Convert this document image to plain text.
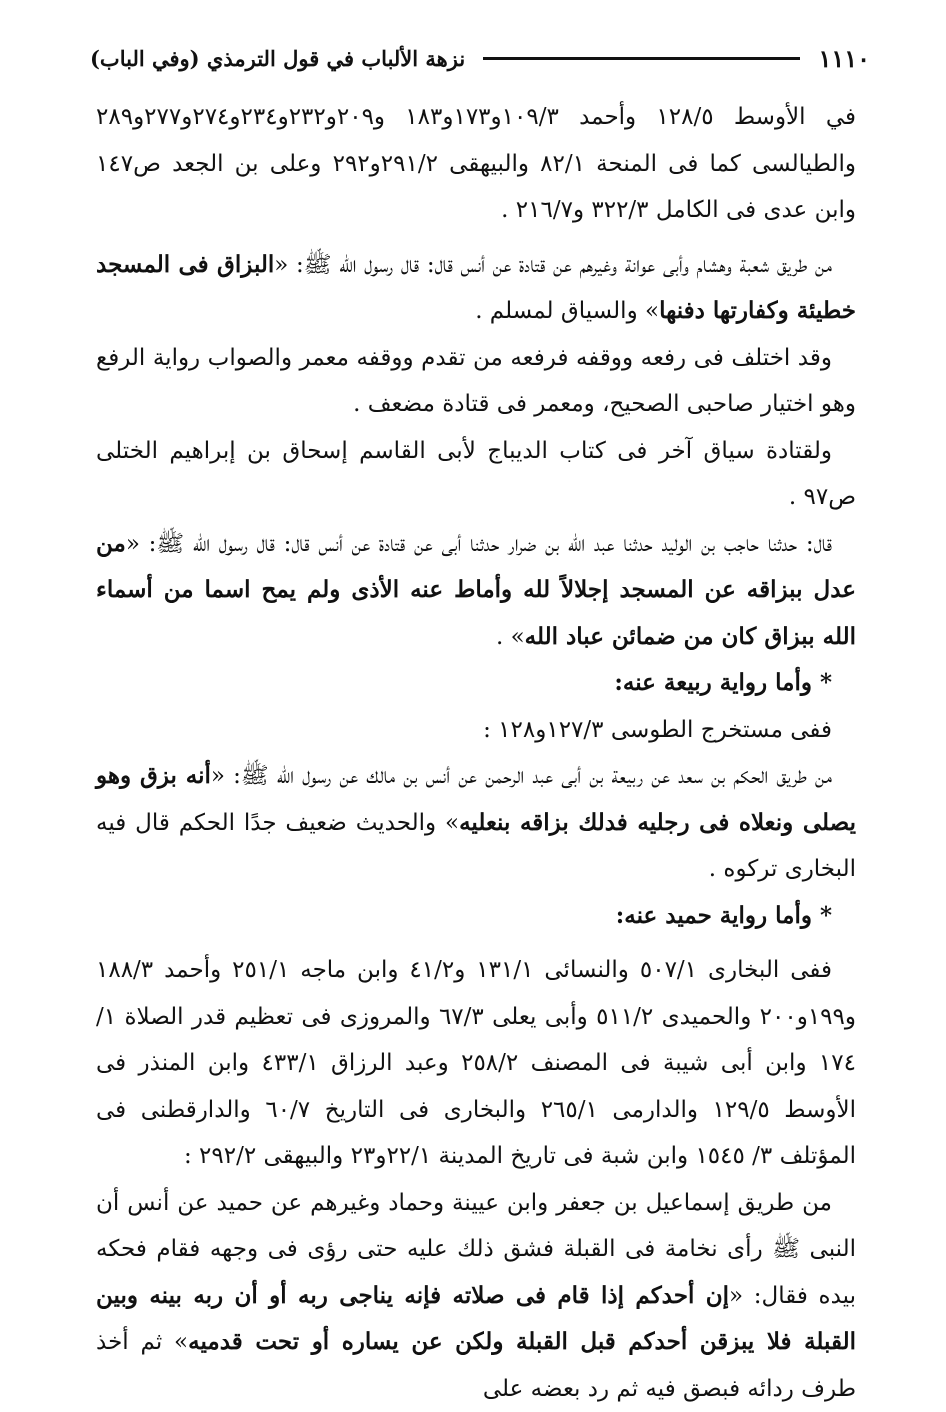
١١١٠
نزهة الألباب في قول الترمذي (وفي الباب)

في الأوسط ١٢٨/٥ وأحمد ١٠٩/٣و١٧٣و١٨٣ و٢٠٩و٢٣٢و٢٣٤و٢٧٤و٢٧٧و٢٨٩ والطيالسى كما فى المنحة ٨٢/١ والبيهقى ٢٩١/٢و٢٩٢ وعلى بن الجعد ص١٤٧ وابن عدى فى الكامل ٣٢٢/٣ و٢١٦/٧ .

من طريق شعبة وهشام وأبى عوانة وغيرهم عن قتادة عن أنس قال: قال رسول الله ﷺ: «البزاق فى المسجد خطيئة وكفارتها دفنها» والسياق لمسلم .

وقد اختلف فى رفعه ووقفه فرفعه من تقدم ووقفه معمر والصواب رواية الرفع وهو اختيار صاحبى الصحيح، ومعمر فى قتادة مضعف .

ولقتادة سياق آخر فى كتاب الديباج لأبى القاسم إسحاق بن إبراهيم الختلى ص٩٧ .

قال: حدثنا حاجب بن الوليد حدثنا عبد الله بن ضرار حدثنا أبى عن قتادة عن أنس قال: قال رسول الله ﷺ: «من عدل ببزاقه عن المسجد إجلالاً لله وأماط عنه الأذى ولم يمح اسما من أسماء الله ببزاق كان من ضمائن عباد الله» .

* وأما رواية ربيعة عنه:

ففى مستخرج الطوسى ١٢٧/٣و١٢٨ :

من طريق الحكم بن سعد عن ربيعة بن أبى عبد الرحمن عن أنس بن مالك عن رسول الله ﷺ: «أنه بزق وهو يصلى ونعلاه فى رجليه فدلك بزاقه بنعليه» والحديث ضعيف جدًا الحكم قال فيه البخارى تركوه .

* وأما رواية حميد عنه:

ففى البخارى ٥٠٧/١ والنسائى ١٣١/١ و٤١/٢ وابن ماجه ٢٥١/١ وأحمد ١٨٨/٣ و١٩٩و٢٠٠ والحميدى ٥١١/٢ وأبى يعلى ٦٧/٣ والمروزى فى تعظيم قدر الصلاة ١/ ١٧٤ وابن أبى شيبة فى المصنف ٢٥٨/٢ وعبد الرزاق ٤٣٣/١ وابن المنذر فى الأوسط ١٢٩/٥ والدارمى ٢٦٥/١ والبخارى فى التاريخ ٦٠/٧ والدارقطنى فى المؤتلف ٣/ ١٥٤٥ وابن شبة فى تاريخ المدينة ٢٢/١و٢٣ والبيهقى ٢٩٢/٢ :

من طريق إسماعيل بن جعفر وابن عيينة وحماد وغيرهم عن حميد عن أنس أن النبى ﷺ رأى نخامة فى القبلة فشق ذلك عليه حتى رؤى فى وجهه فقام فحكه بيده فقال: «إن أحدكم إذا قام فى صلاته فإنه يناجى ربه أو أن ربه بينه وبين القبلة فلا يبزقن أحدكم قبل القبلة ولكن عن يساره أو تحت قدميه» ثم أخذ طرف ردائه فبصق فيه ثم رد بعضه على
